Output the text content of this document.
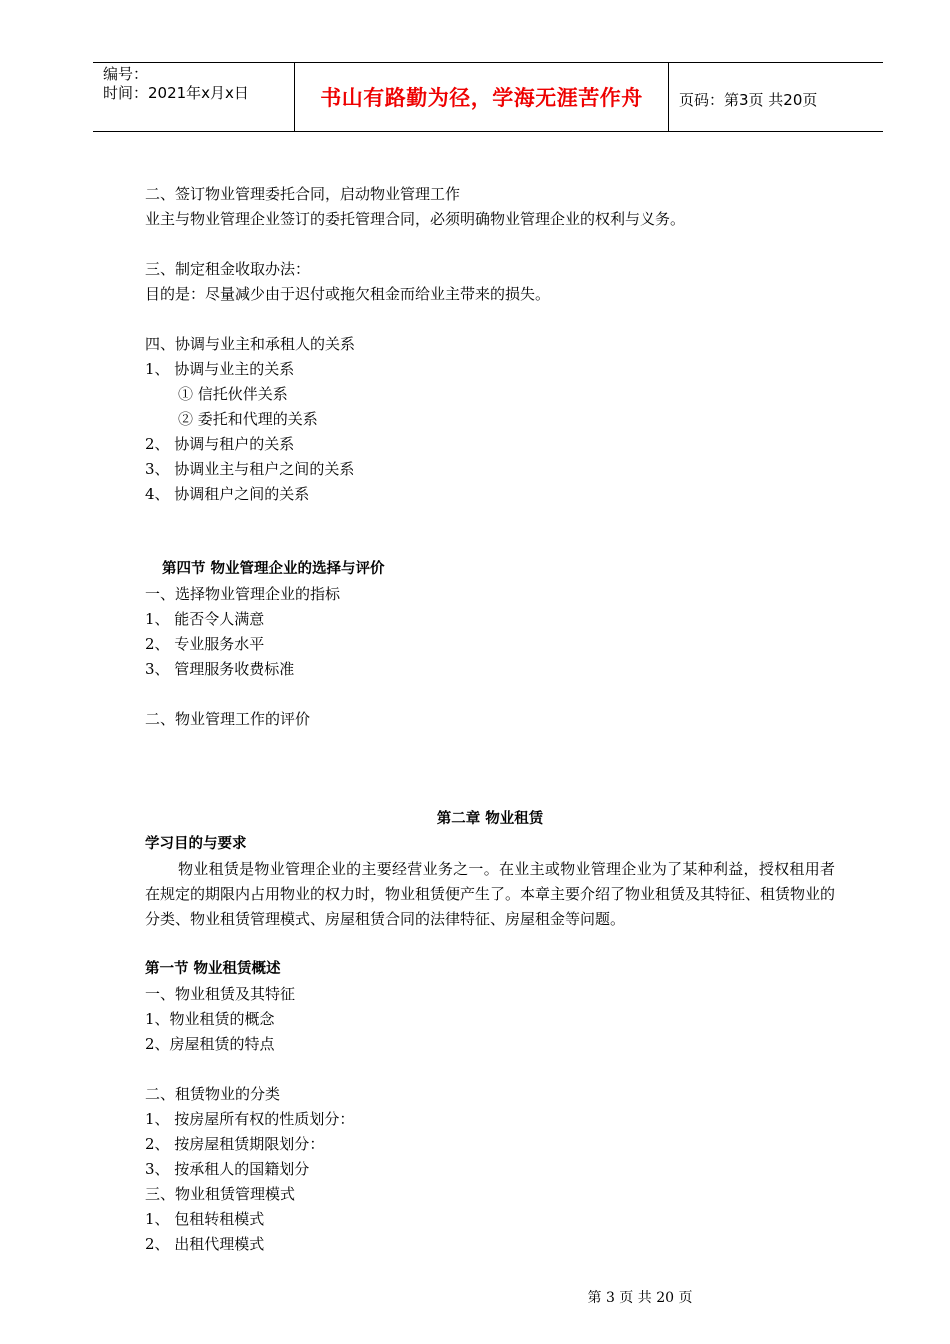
编号：
时间：2021年x月x日	书山有路勤为径，学海无涯苦作舟	页码：第3页 共20页
二、签订物业管理委托合同，启动物业管理工作
业主与物业管理企业签订的委托管理合同，必须明确物业管理企业的权利与义务。
三、制定租金收取办法：
目的是：尽量减少由于迟付或拖欠租金而给业主带来的损失。
四、协调与业主和承租人的关系
1、 协调与业主的关系
① 信托伙伴关系
② 委托和代理的关系
2、 协调与租户的关系
3、 协调业主与租户之间的关系
4、 协调租户之间的关系
第四节 物业管理企业的选择与评价
一、选择物业管理企业的指标
1、 能否令人满意
2、 专业服务水平
3、 管理服务收费标准
二、物业管理工作的评价
第二章 物业租赁
学习目的与要求

物业租赁是物业管理企业的主要经营业务之一。在业主或物业管理企业为了某种利益，授权租用者在规定的期限内占用物业的权力时，物业租赁便产生了。本章主要介绍了物业租赁及其特征、租赁物业的分类、物业租赁管理模式、房屋租赁合同的法律特征、房屋租金等问题。

第一节 物业租赁概述
一、物业租赁及其特征
1、物业租赁的概念
2、房屋租赁的特点
二、租赁物业的分类
1、 按房屋所有权的性质划分：
2、 按房屋租赁期限划分：
3、 按承租人的国籍划分
三、物业租赁管理模式
1、 包租转租模式
2、 出租代理模式
第 3 页 共 20 页
